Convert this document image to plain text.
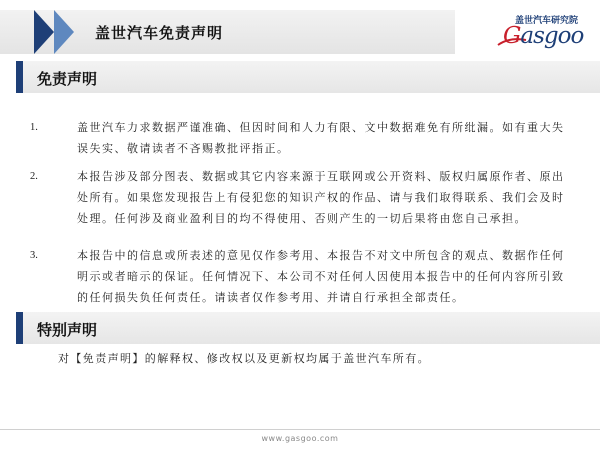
盖世汽车免责声明
盖世汽车研究院
Gasgoo
免责声明
1.	盖世汽车力求数据严谨准确、但因时间和人力有限、文中数据难免有所纰漏。如有重大失误失实、敬请读者不吝赐教批评指正。
2.	本报告涉及部分图表、数据或其它内容来源于互联网或公开资料、版权归属原作者、原出处所有。如果您发现报告上有侵犯您的知识产权的作品、请与我们取得联系、我们会及时处理。任何涉及商业盈利目的均不得使用、否则产生的一切后果将由您自己承担。
3.	本报告中的信息或所表述的意见仅作参考用、本报告不对文中所包含的观点、数据作任何明示或者暗示的保证。任何情况下、本公司不对任何人因使用本报告中的任何内容所引致的任何损失负任何责任。请读者仅作参考用、并请自行承担全部责任。
特别声明
对【免责声明】的解释权、修改权以及更新权均属于盖世汽车所有。
www.gasgoo.com
